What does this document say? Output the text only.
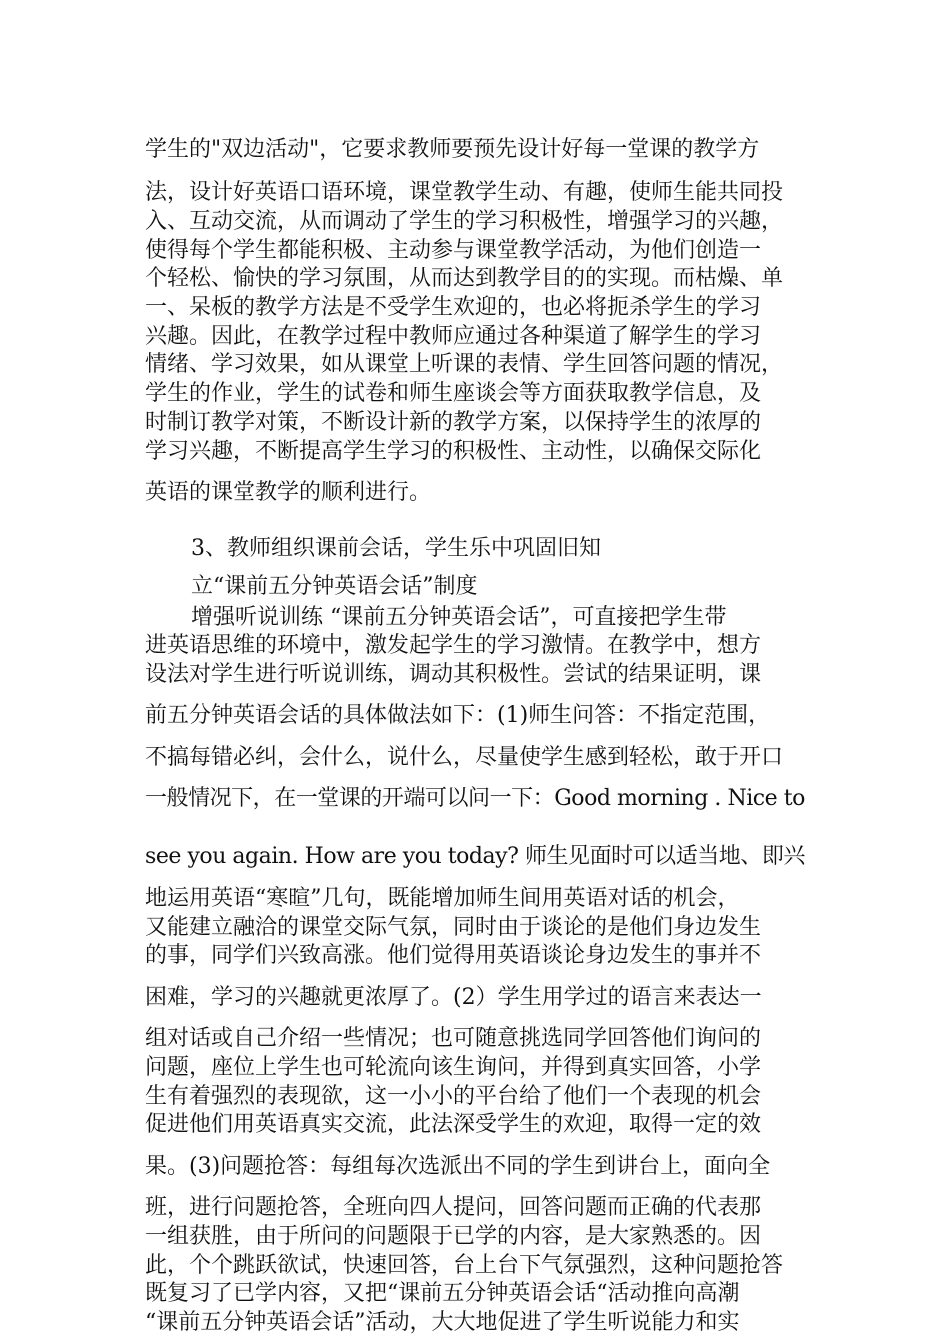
学生的"双边活动"，它要求教师要预先设计好每一堂课的教学方
法，设计好英语口语环境，课堂教学生动、有趣，使师生能共同投
入、互动交流，从而调动了学生的学习积极性，增强学习的兴趣，
使得每个学生都能积极、主动参与课堂教学活动，为他们创造一
个轻松、愉快的学习氛围，从而达到教学目的的实现。而枯燥、单
一、呆板的教学方法是不受学生欢迎的，也必将扼杀学生的学习
兴趣。因此，在教学过程中教师应通过各种渠道了解学生的学习
情绪、学习效果，如从课堂上听课的表情、学生回答问题的情况，
学生的作业，学生的试卷和师生座谈会等方面获取教学信息，及
时制订教学对策，不断设计新的教学方案，以保持学生的浓厚的
学习兴趣，不断提高学生学习的积极性、主动性，以确保交际化
英语的课堂教学的顺利进行。
3、教师组织课前会话，学生乐中巩固旧知
立“课前五分钟英语会话”制度
增强听说训练 “课前五分钟英语会话”，可直接把学生带
进英语思维的环境中，激发起学生的学习激情。在教学中，想方
设法对学生进行听说训练，调动其积极性。尝试的结果证明，课
前五分钟英语会话的具体做法如下：(1)师生问答：不指定范围，
不搞每错必纠，会什么，说什么，尽量使学生感到轻松，敢于开口
一般情况下，在一堂课的开端可以问一下：Good morning . Nice to
see you again. How are you today? 师生见面时可以适当地、即兴
地运用英语“寒暄”几句，既能增加师生间用英语对话的机会，
又能建立融洽的课堂交际气氛，同时由于谈论的是他们身边发生
的事，同学们兴致高涨。他们觉得用英语谈论身边发生的事并不
困难，学习的兴趣就更浓厚了。(2）学生用学过的语言来表达一
组对话或自己介绍一些情况；也可随意挑选同学回答他们询问的
问题，座位上学生也可轮流向该生询问，并得到真实回答，小学
生有着强烈的表现欲，这一小小的平台给了他们一个表现的机会
促进他们用英语真实交流，此法深受学生的欢迎，取得一定的效
果。(3)问题抢答：每组每次选派出不同的学生到讲台上，面向全
班，进行问题抢答，全班向四人提问，回答问题而正确的代表那
一组获胜，由于所问的问题限于已学的内容，是大家熟悉的。因
此，个个跳跃欲试，快速回答，台上台下气氛强烈，这种问题抢答
既复习了已学内容，又把“课前五分钟英语会话“活动推向高潮
“课前五分钟英语会话”活动，大大地促进了学生听说能力和实
